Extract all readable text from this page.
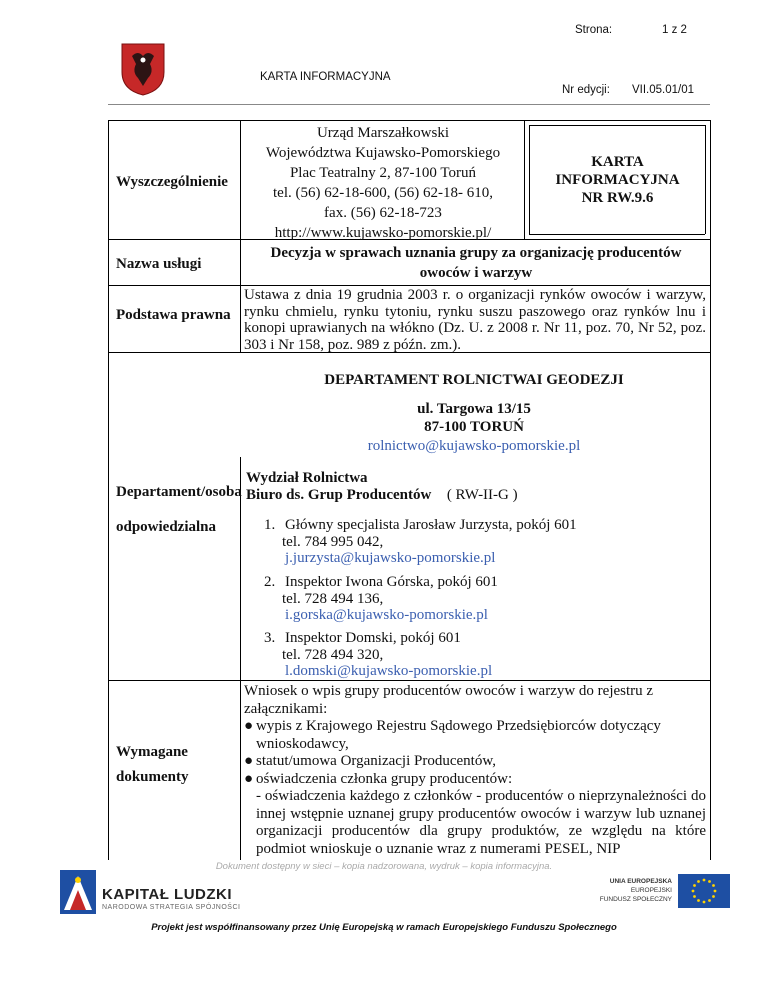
KARTA INFORMACYJNA
Strona:	1 z 2
Nr edycji: VII.05.01/01
Wyszczególnienie
Urząd Marszałkowski
Województwa Kujawsko-Pomorskiego
Plac Teatralny 2, 87-100 Toruń
tel. (56) 62-18-600, (56) 62-18- 610,
fax. (56) 62-18-723
http://www.kujawsko-pomorskie.pl/
KARTA
INFORMACYJNA
NR RW.9.6
Nazwa usługi
Decyzja w sprawach uznania grupy za organizację producentów owoców i warzyw
Podstawa prawna
Ustawa z dnia 19 grudnia 2003 r. o organizacji rynków owoców i warzyw, rynku chmielu, rynku tytoniu, rynku suszu paszowego oraz rynków lnu i konopi uprawianych na włókno (Dz. U. z 2008 r. Nr 11, poz. 70, Nr 52, poz. 303 i Nr 158, poz. 989 z późn. zm.).
DEPARTAMENT ROLNICTWAI GEODEZJI
ul. Targowa 13/15
87-100 TORUŃ
rolnictwo@kujawsko-pomorskie.pl
Departament/osoba
odpowiedzialna
Wydział Rolnictwa
Biuro ds. Grup Producentów ( RW-II-G )
1. Główny specjalista Jarosław Jurzysta, pokój 601
tel. 784 995 042,
j.jurzysta@kujawsko-pomorskie.pl
2. Inspektor Iwona Górska, pokój 601
tel. 728 494 136,
i.gorska@kujawsko-pomorskie.pl
3. Inspektor Domski, pokój 601
tel. 728 494 320,
l.domski@kujawsko-pomorskie.pl
Wymagane
dokumenty
Wniosek o wpis grupy producentów owoców i warzyw do rejestru z załącznikami:
● wypis z Krajowego Rejestru Sądowego Przedsiębiorców dotyczący wnioskodawcy,
● statut/umowa Organizacji Producentów,
● oświadczenia członka grupy producentów:
- oświadczenia każdego z członków - producentów o nieprzynależności do innej wstępnie uznanej grupy producentów owoców i warzyw lub uznanej organizacji producentów dla grupy produktów, ze względu na które podmiot wnioskuje o uznanie wraz z numerami PESEL, NIP
Dokument dostępny w sieci – kopia nadzorowana, wydruk – kopia informacyjna.
KAPITAŁ LUDZKI
NARODOWA STRATEGIA SPÓJNOŚCI
UNIA EUROPEJSKA
EUROPEJSKI
FUNDUSZ SPOŁECZNY
Projekt jest współfinansowany przez Unię Europejską w ramach Europejskiego Funduszu Społecznego
